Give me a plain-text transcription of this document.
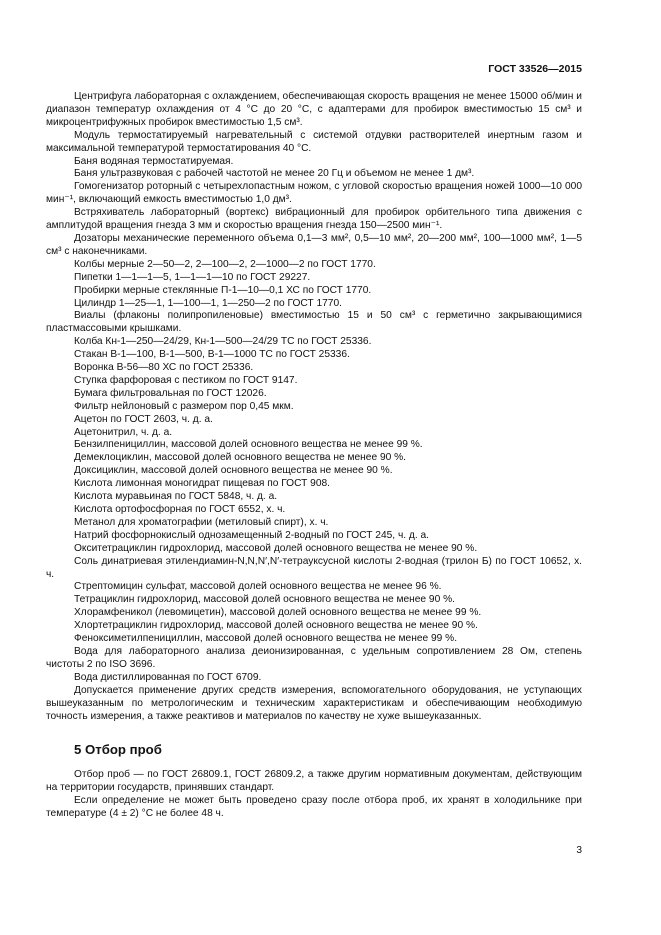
ГОСТ 33526—2015

Центрифуга лабораторная с охлаждением, обеспечивающая скорость вращения не менее 15000 об/мин и диапазон температур охлаждения от 4 °С до 20 °С, с адаптерами для пробирок вместимостью 15 см³ и микроцентрифужных пробирок вместимостью 1,5 см³.

Модуль термостатируемый нагревательный с системой отдувки растворителей инертным газом и максимальной температурой термостатирования 40 °С.

Баня водяная термостатируемая.

Баня ультразвуковая с рабочей частотой не менее 20 Гц и объемом не менее 1 дм³.

Гомогенизатор роторный с четырехлопастным ножом, с угловой скоростью вращения ножей 1000—10 000 мин⁻¹, включающий емкость вместимостью 1,0 дм³.

Встряхиватель лабораторный (вортекс) вибрационный для пробирок орбительного типа движения с амплитудой вращения гнезда 3 мм и скоростью вращения гнезда 150—2500 мин⁻¹.

Дозаторы механические переменного объема 0,1—3 мм², 0,5—10 мм², 20—200 мм², 100—1000 мм², 1—5 см³ с наконечниками.

Колбы мерные 2—50—2, 2—100—2, 2—1000—2 по ГОСТ 1770.

Пипетки 1—1—1—5, 1—1—1—10 по ГОСТ 29227.

Пробирки мерные стеклянные П-1—10—0,1 ХС по ГОСТ 1770.

Цилиндр 1—25—1, 1—100—1, 1—250—2 по ГОСТ 1770.

Виалы (флаконы полипропиленовые) вместимостью 15 и 50 см³ с герметично закрывающимися пластмассовыми крышками.

Колба Кн-1—250—24/29, Кн-1—500—24/29 ТС по ГОСТ 25336.

Стакан В-1—100, В-1—500, В-1—1000 ТС по ГОСТ 25336.

Воронка В-56—80 ХС по ГОСТ 25336.

Ступка фарфоровая с пестиком по ГОСТ 9147.

Бумага фильтровальная по ГОСТ 12026.

Фильтр нейлоновый с размером пор 0,45 мкм.

Ацетон по ГОСТ 2603, ч. д. а.

Ацетонитрил, ч. д. а.

Бензилпенициллин, массовой долей основного вещества не менее 99 %.

Демеклоциклин, массовой долей основного вещества не менее 90 %.

Доксициклин, массовой долей основного вещества не менее 90 %.

Кислота лимонная моногидрат пищевая по ГОСТ 908.

Кислота муравьиная по ГОСТ 5848, ч. д. а.

Кислота ортофосфорная по ГОСТ 6552, х. ч.

Метанол для хроматографии (метиловый спирт), х. ч.

Натрий фосфорнокислый однозамещенный 2-водный по ГОСТ 245, ч. д. а.

Окситетрациклин гидрохлорид, массовой долей основного вещества не менее 90 %.

Соль динатриевая этилендиамин-N,N,N′,N′-тетрауксусной кислоты 2-водная (трилон Б) по ГОСТ 10652, х. ч.

Стрептомицин сульфат, массовой долей основного вещества не менее 96 %.

Тетрациклин гидрохлорид, массовой долей основного вещества не менее 90 %.

Хлорамфеникол (левомицетин), массовой долей основного вещества не менее 99 %.

Хлортетрациклин гидрохлорид, массовой долей основного вещества не менее 90 %.

Феноксиметилпенициллин, массовой долей основного вещества не менее 99 %.

Вода для лабораторного анализа деионизированная, с удельным сопротивлением 28 Ом, степень чистоты 2 по ISO 3696.

Вода дистиллированная по ГОСТ 6709.

Допускается применение других средств измерения, вспомогательного оборудования, не уступающих вышеуказанным по метрологическим и техническим характеристикам и обеспечивающим необходимую точность измерения, а также реактивов и материалов по качеству не хуже вышеуказанных.

5 Отбор проб

Отбор проб — по ГОСТ 26809.1, ГОСТ 26809.2, а также другим нормативным документам, действующим на территории государств, принявших стандарт.

Если определение не может быть проведено сразу после отбора проб, их хранят в холодильнике при температуре (4 ± 2) °С не более 48 ч.

3
